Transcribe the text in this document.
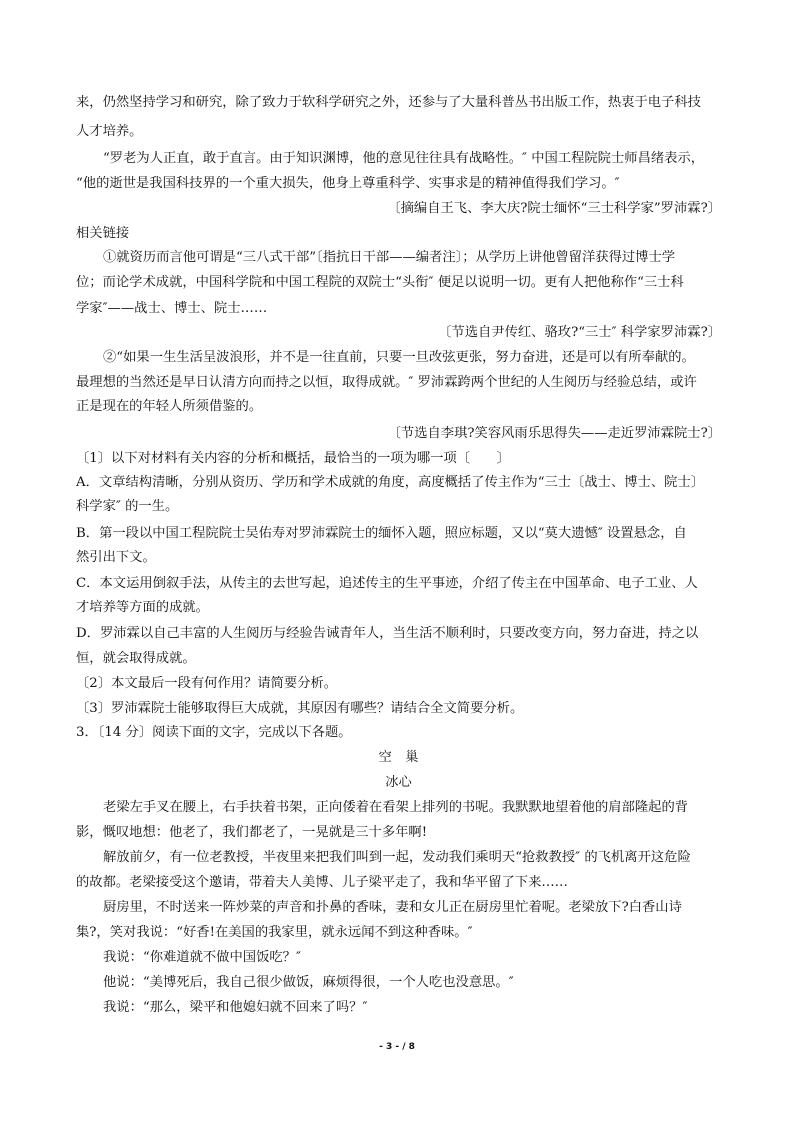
来，仍然坚持学习和研究，除了致力于软科学研究之外，还参与了大量科普丛书出版工作，热衷于电子科技
人才培养。
“罗老为人正直，敢于直言。由于知识渊博，他的意见往往具有战略性。″ 中国工程院院士师昌绪表示，
“他的逝世是我国科技界的一个重大损失，他身上尊重科学、实事求是的精神值得我们学习。″
〔摘编自王飞、李大庆?院士缅怀“三士科学家”罗沛霖?〕
相关链接
①就资历而言他可谓是“三八式干部”〔指抗日干部——编者注〕；从学历上讲他曾留洋获得过博士学
位；而论学术成就，中国科学院和中国工程院的双院士“头衔″ 便足以说明一切。更有人把他称作“三士科
学家″——战士、博士、院士……
〔节选自尹传红、骆玫?“三士″ 科学家罗沛霖?〕
②“如果一生生活呈波浪形，并不是一往直前，只要一旦改弦更张，努力奋进，还是可以有所奉献的。
最理想的当然还是早日认清方向而持之以恒，取得成就。″ 罗沛霖跨两个世纪的人生阅历与经验总结，或许
正是现在的年轻人所须借鉴的。
〔节选自李琪?笑容风雨乐思得失——走近罗沛霖院士?〕
〔1〕以下对材料有关内容的分析和概括，最恰当的一项为哪一项〔　　〕
A．文章结构清晰，分别从资历、学历和学术成就的角度，高度概括了传主作为“三士〔战士、博士、院士〕
科学家″ 的一生。
B．第一段以中国工程院院士吴佑寿对罗沛霖院士的缅怀入题，照应标题，又以“莫大遗憾″ 设置悬念，自
然引出下文。
C．本文运用倒叙手法，从传主的去世写起，追述传主的生平事迹，介绍了传主在中国革命、电子工业、人
才培养等方面的成就。
D．罗沛霖以自己丰富的人生阅历与经验告诫青年人，当生活不顺利时，只要改变方向，努力奋进，持之以
恒，就会取得成就。
〔2〕本文最后一段有何作用？请简要分析。
〔3〕罗沛霖院士能够取得巨大成就，其原因有哪些？请结合全文简要分析。
3．〔14 分〕阅读下面的文字，完成以下各题。
空　巢
冰心
老梁左手叉在腰上，右手扶着书架，正向倭着在看架上排列的书呢。我默默地望着他的肩部隆起的背
影，慨叹地想：他老了，我们都老了，一晃就是三十多年啊!
解放前夕，有一位老教授，半夜里来把我们叫到一起，发动我们乘明天“抢救教授″ 的飞机离开这危险
的故都。老梁接受这个邀请，带着夫人美博、儿子梁平走了，我和华平留了下来……
厨房里，不时送来一阵炒菜的声音和扑鼻的香味，妻和女儿正在厨房里忙着呢。老梁放下?白香山诗
集?，笑对我说：“好香!在美国的我家里，就永远闻不到这种香味。″
我说：“你难道就不做中国饭吃？″
他说：“美博死后，我自己很少做饭，麻烦得很，一个人吃也没意思。″
我说：“那么，梁平和他媳妇就不回来了吗？″
- 3 - / 8
